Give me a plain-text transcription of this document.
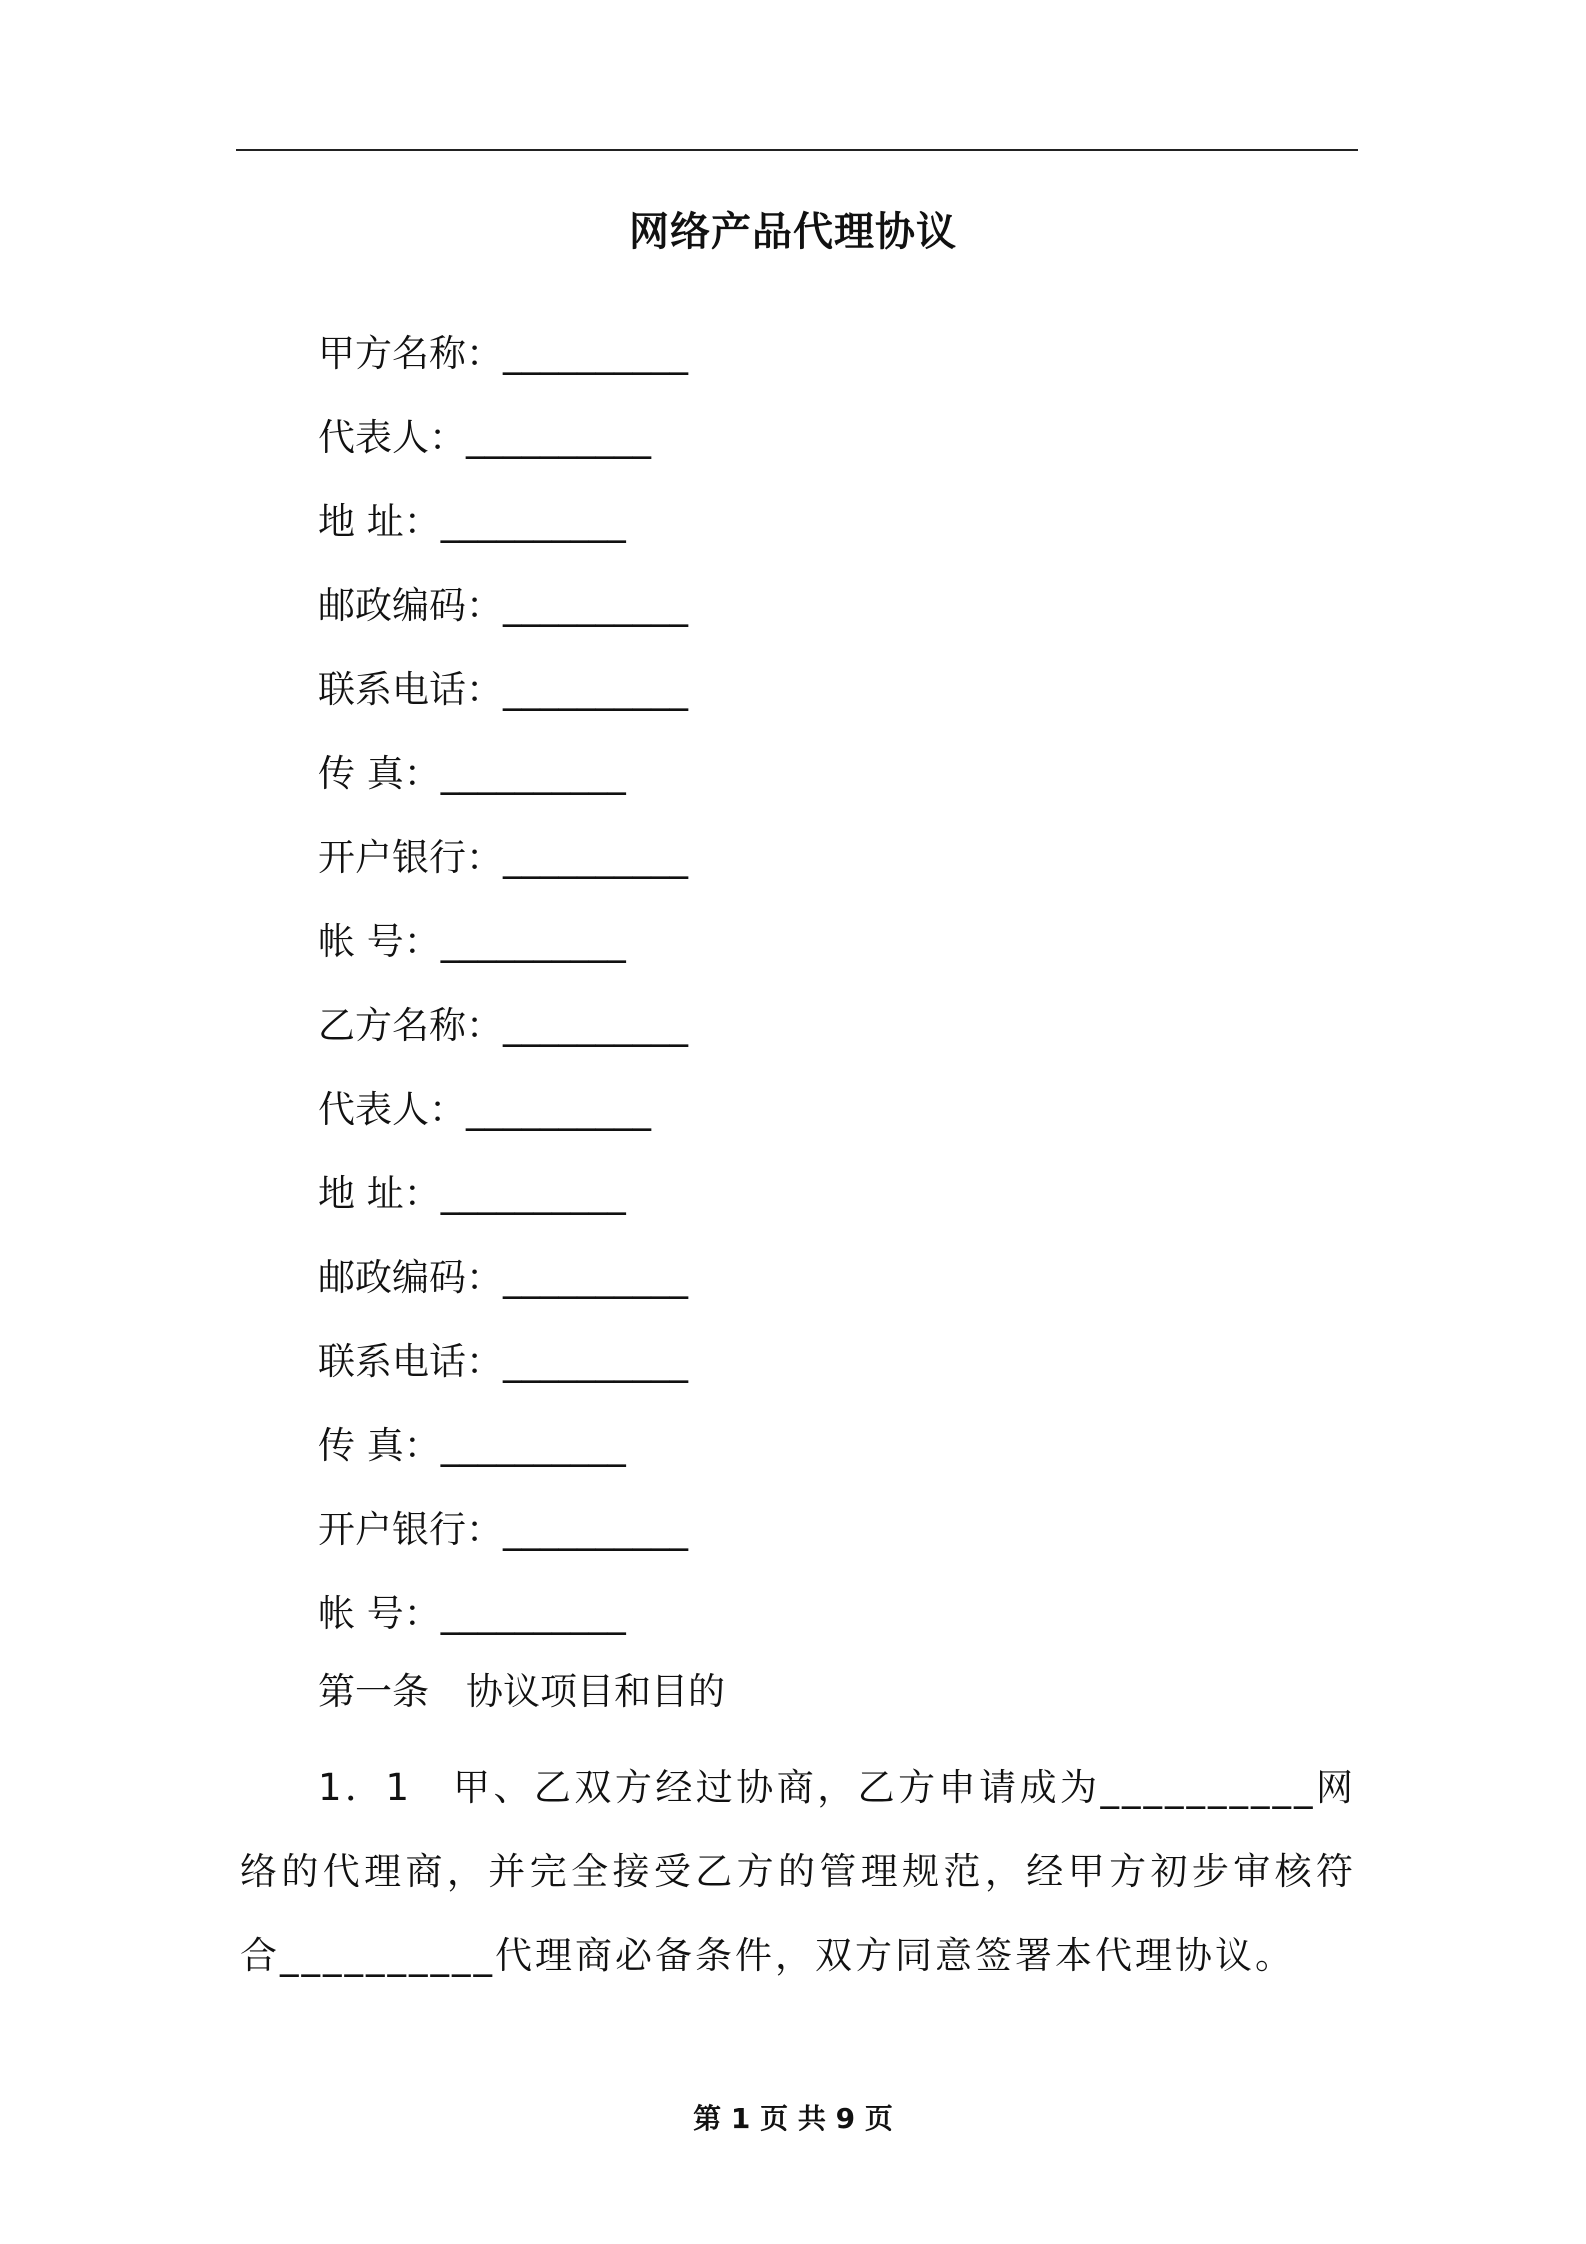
网络产品代理协议
甲方名称：__________
代表人：__________
地 址：__________
邮政编码：__________
联系电话：__________
传 真：__________
开户银行：__________
帐 号：__________
乙方名称：__________
代表人：__________
地 址：__________
邮政编码：__________
联系电话：__________
传 真：__________
开户银行：__________
帐 号：__________
第一条　协议项目和目的
1．1　甲、乙双方经过协商，乙方申请成为__________网络的代理商，并完全接受乙方的管理规范，经甲方初步审核符合__________代理商必备条件，双方同意签署本代理协议。
第 1 页 共 9 页
